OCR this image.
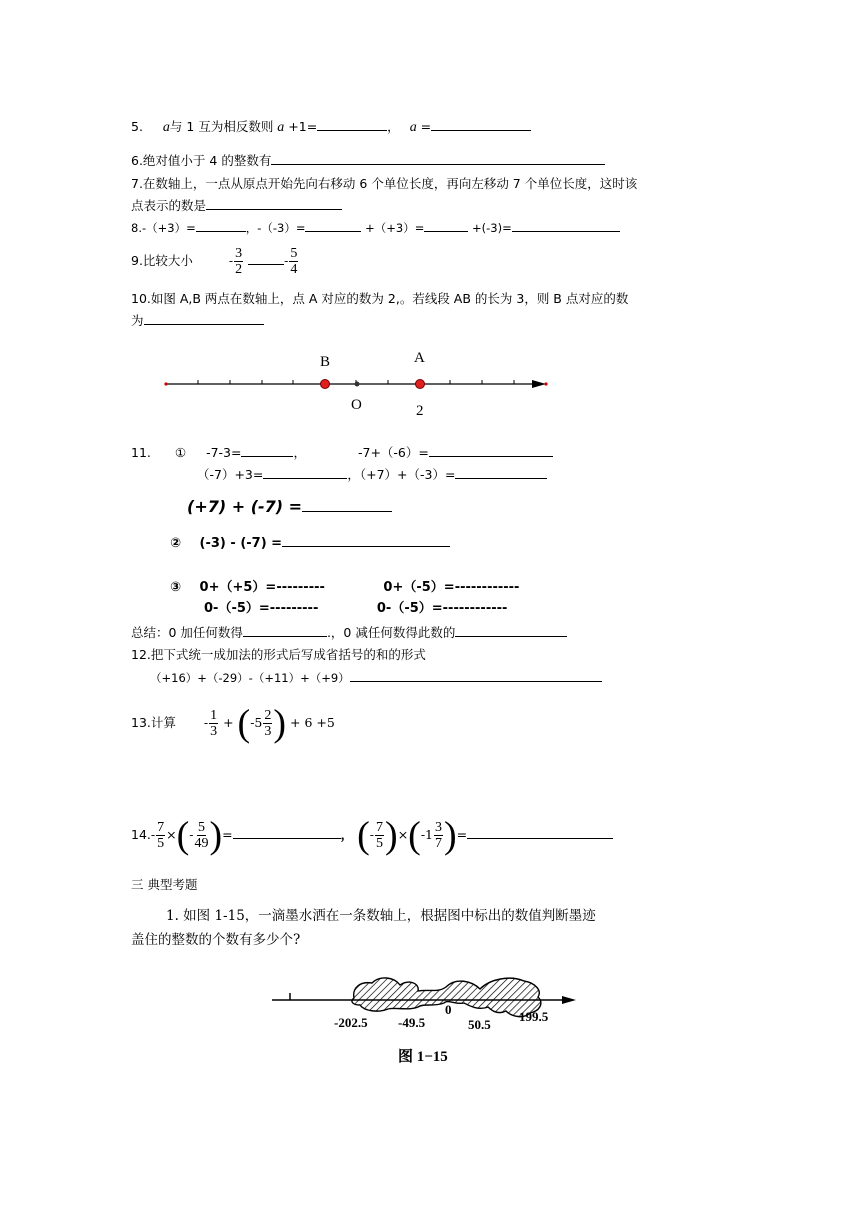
5. a与 1 互为相反数则 a +1=	， a =
6.绝对值小于 4 的整数有
7.在数轴上，一点从原点开始先向右移动 6 个单位长度，再向左移动 7 个单位长度，这时该
点表示的数是
8.-（+3）=	，-（-3）=	+（+3）=	+(-3)=
9.比较大小	- $\frac{3}{2}$	- $\frac{5}{4}$
10.如图 A,B 两点在数轴上，点 A 对应的数为 2,。若线段 AB 的长为 3，则 B 点对应的数
为
B	A
O	2
11. ① -7-3=	，	-7+（-6）=
（-7）+3=	，（+7）+（-3）=
(+7) + (-7) =
② (-3) - (-7) =
③ 0+（+5）=---------	0+（-5）=------------
0-（-5）=---------	0-（-5）=------------
总结：0 加任何数得	.，0 减任何数得此数的
12.把下式统一成加法的形式后写成省括号的和的形式
（+16）+（-29）-（+11）+（+9）
13.计算 - $\frac{1}{3} + (-5 \frac{2}{3}$ ) + 6 +5
$14.- \frac{7}{5}$ ×(- $\frac{5}{49}$ )=	， (- $\frac{7}{5} )\times(-1 \frac{3}{7}$ )=
三 典型考题
1. 如图 1-15，一滴墨水洒在一条数轴上，根据图中标出的数值判断墨迹
盖住的整数的个数有多少个?
-202.5 -49.5
0
50.5
199.5
图 1−15
